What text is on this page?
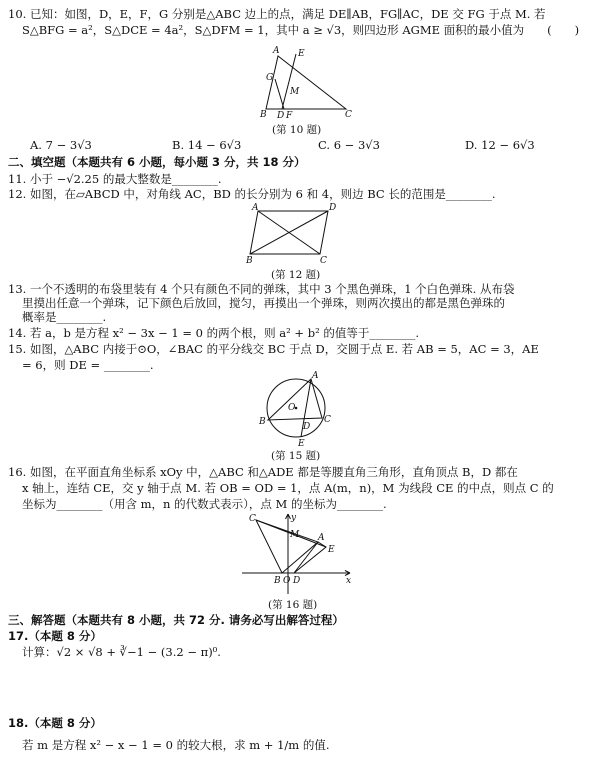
10. 已知：如图，D，E，F，G 分别是△ABC 边上的点，满足 DE∥AB，FG∥AC，DE 交 FG 于点 M. 若
S△BFG = a²，S△DCE = 4a²，S△DFM = 1，其中 a ≥ √3，则四边形 AGME 面积的最小值为　　(　　)
A
G
E
M
B D F	C
(第 10 题)
A. 7 − 3√3	B. 14 − 6√3	C. 6 − 3√3	D. 12 − 6√3
二、填空题（本题共有 6 小题，每小题 3 分，共 18 分）
11. 小于 −√2.25 的最大整数是________.
12. 如图，在▱ABCD 中，对角线 AC，BD 的长分别为 6 和 4，则边 BC 长的范围是________.
A	D
B	C
(第 12 题)
13. 一个不透明的布袋里装有 4 个只有颜色不同的弹珠，其中 3 个黑色弹珠，1 个白色弹珠. 从布袋
里摸出任意一个弹珠，记下颜色后放回，搅匀，再摸出一个弹珠，则两次摸出的都是黑色弹珠的
概率是________.
14. 若 a，b 是方程 x² − 3x − 1 = 0 的两个根，则 a² + b² 的值等于________.
15. 如图，△ABC 内接于⊙O，∠BAC 的平分线交 BC 于点 D，交圆于点 E. 若 AB = 5，AC = 3，AE
= 6，则 DE = ________.
A
O
B	C
D
E
(第 15 题)
16. 如图，在平面直角坐标系 xOy 中，△ABC 和△ADE 都是等腰直角三角形，直角顶点 B，D 都在
x 轴上，连结 CE，交 y 轴于点 M. 若 OB = OD = 1，点 A(m，n)，M 为线段 CE 的中点，则点 C 的
坐标为________（用含 m，n 的代数式表示），点 M 的坐标为________.
C	y
M A
E
B O D	x
(第 16 题)
三、解答题（本题共有 8 小题，共 72 分. 请务必写出解答过程）
17.（本题 8 分）
计算：√2 × √8 + ∛−1 − (3.2 − π)⁰.
18.（本题 8 分）
若 m 是方程 x² − x − 1 = 0 的较大根，求 m + 1/m 的值.
